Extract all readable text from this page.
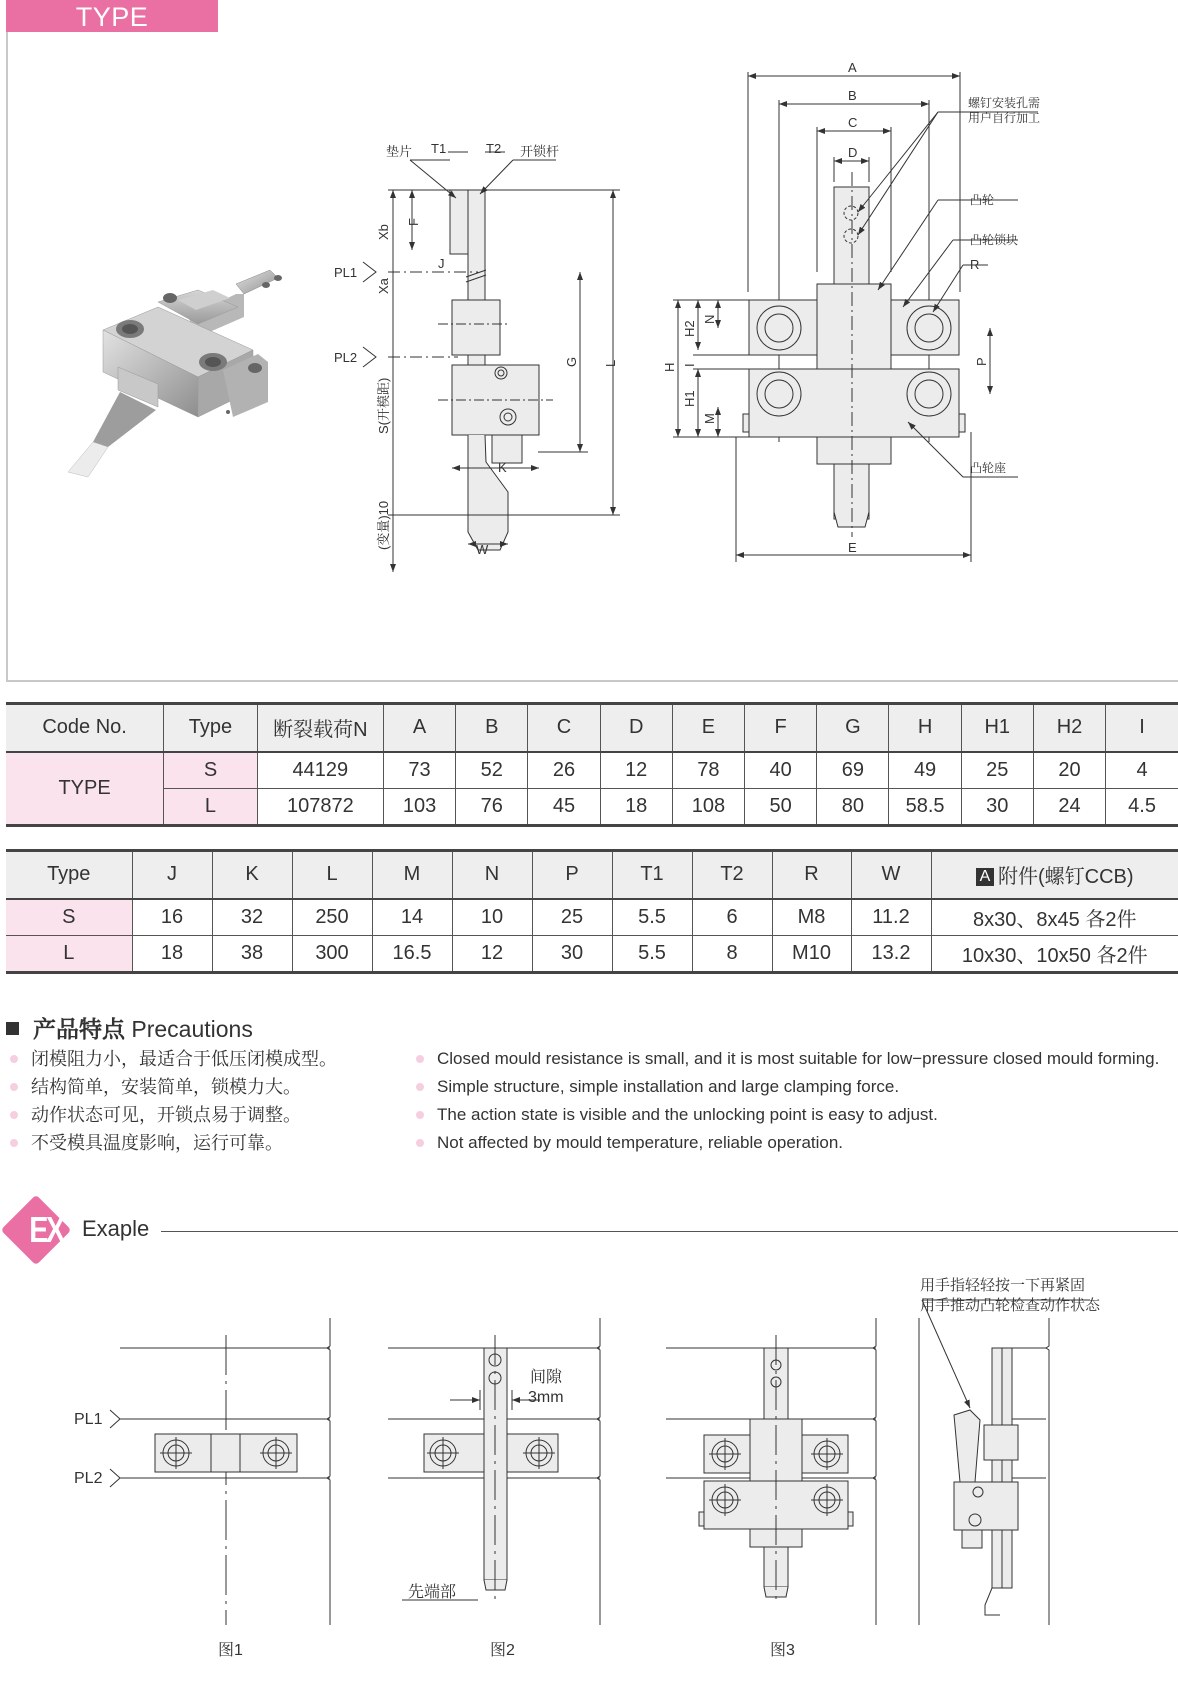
TYPE
垫片 T1	T2 开锁杆
Xb
F
J
PL1
Xa
PL2	G L
S(开模距)
K
(变量)10	W
A
B
C
D
螺钉安装孔需
用户自行加工
凸轮
凸轮锁块
R
N
H2
I
H
H1
M
P
凸轮座
E
Code No.	Type	断裂载荷N	A	B	C	D	E	F	G	H	H1	H2	I
TYPE	S	44129	73	52	26	12	78	40	69	49	25	20	4
	L	107872	103	76	45	18	108	50	80	58.5	30	24	4.5
Type	J	K	L	M	N	P	T1	T2	R	W	A 附件(螺钉CCB)
S	16	32	250	14	10	25	5.5	6	M8	11.2	8x30、8x45 各2件
L	18	38	300	16.5	12	30	5.5	8	M10	13.2	10x30、10x50 各2件
产品特点 Precautions
闭模阻力小，最适合于低压闭模成型。
结构简单，安装简单，锁模力大。
动作状态可见，开锁点易于调整。
不受模具温度影响，运行可靠。
Closed mould resistance is small, and it is most suitable for low−pressure closed mould forming.
Simple structure, simple installation and large clamping force.
The action state is visible and the unlocking point is easy to adjust.
Not affected by mould temperature, reliable operation.
EX Exaple
PL1
PL2
间隙
3mm
先端部
用手指轻轻按一下再紧固
用手推动凸轮检查动作状态
图1	图2	图3
